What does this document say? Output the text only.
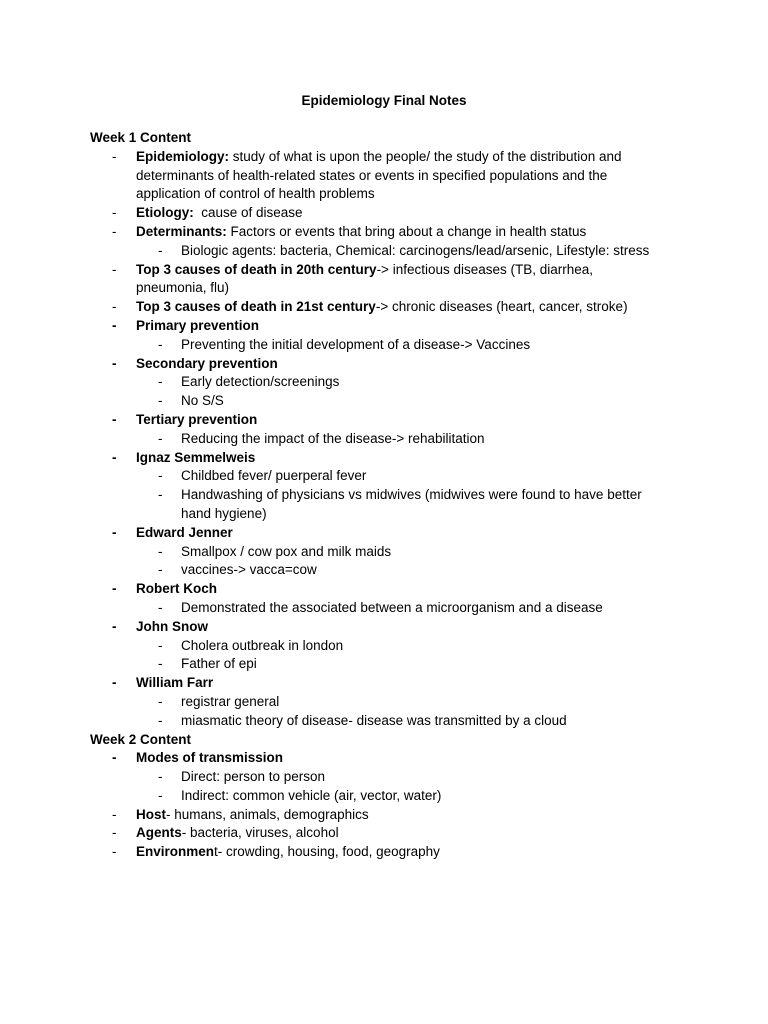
Epidemiology Final Notes
Week 1 Content
- Epidemiology: study of what is upon the people/ the study of the distribution and
determinants of health-related states or events in specified populations and the
application of control of health problems
- Etiology:  cause of disease
- Determinants: Factors or events that bring about a change in health status
- Biologic agents: bacteria, Chemical: carcinogens/lead/arsenic, Lifestyle: stress
- Top 3 causes of death in 20th century-> infectious diseases (TB, diarrhea,
pneumonia, flu)
- Top 3 causes of death in 21st century-> chronic diseases (heart, cancer, stroke)
- Primary prevention
- Preventing the initial development of a disease-> Vaccines
- Secondary prevention
- Early detection/screenings
- No S/S
- Tertiary prevention
- Reducing the impact of the disease-> rehabilitation
- Ignaz Semmelweis
- Childbed fever/ puerperal fever
- Handwashing of physicians vs midwives (midwives were found to have better
hand hygiene)
- Edward Jenner
- Smallpox / cow pox and milk maids
- vaccines-> vacca=cow
- Robert Koch
- Demonstrated the associated between a microorganism and a disease
- John Snow
- Cholera outbreak in london
- Father of epi
- William Farr
- registrar general
- miasmatic theory of disease- disease was transmitted by a cloud
Week 2 Content
- Modes of transmission
- Direct: person to person
- Indirect: common vehicle (air, vector, water)
- Host- humans, animals, demographics
- Agents- bacteria, viruses, alcohol
- Environment- crowding, housing, food, geography
